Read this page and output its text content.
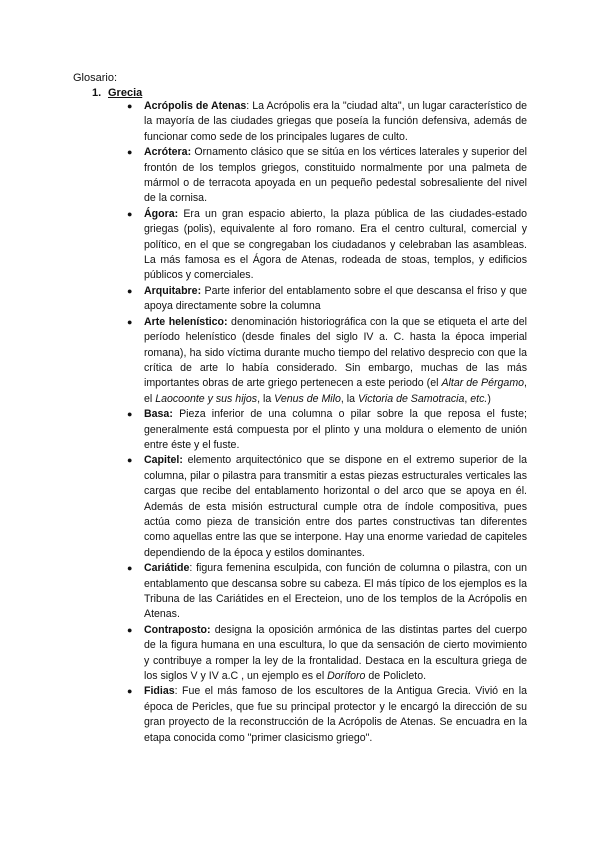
Glosario:
1. Grecia
● Acrópolis de Atenas: La Acrópolis era la "ciudad alta", un lugar característico de la mayoría de las ciudades griegas que poseía la función defensiva, además de funcionar como sede de los principales lugares de culto.
● Acrótera: Ornamento clásico que se sitúa en los vértices laterales y superior del frontón de los templos griegos, constituido normalmente por una palmeta de mármol o de terracota apoyada en un pequeño pedestal sobresaliente del nivel de la cornisa.
● Ágora: Era un gran espacio abierto, la plaza pública de las ciudades-estado griegas (polis), equivalente al foro romano. Era el centro cultural, comercial y político, en el que se congregaban los ciudadanos y celebraban las asambleas. La más famosa es el Ágora de Atenas, rodeada de stoas, templos, y edificios públicos y comerciales.
● Arquitabre: Parte inferior del entablamento sobre el que descansa el friso y que apoya directamente sobre la columna
● Arte helenístico: denominación historiográfica con la que se etiqueta el arte del período helenístico (desde finales del siglo IV a. C. hasta la época imperial romana), ha sido víctima durante mucho tiempo del relativo desprecio con que la crítica de arte lo había considerado. Sin embargo, muchas de las más importantes obras de arte griego pertenecen a este periodo (el Altar de Pérgamo, el Laocoonte y sus hijos, la Venus de Milo, la Victoria de Samotracia, etc.)
● Basa: Pieza inferior de una columna o pilar sobre la que reposa el fuste; generalmente está compuesta por el plinto y una moldura o elemento de unión entre éste y el fuste.
● Capitel: elemento arquitectónico que se dispone en el extremo superior de la columna, pilar o pilastra para transmitir a estas piezas estructurales verticales las cargas que recibe del entablamento horizontal o del arco que se apoya en él. Además de esta misión estructural cumple otra de índole compositiva, pues actúa como pieza de transición entre dos partes constructivas tan diferentes como aquellas entre las que se interpone. Hay una enorme variedad de capiteles dependiendo de la época y estilos dominantes.
● Cariátide: figura femenina esculpida, con función de columna o pilastra, con un entablamento que descansa sobre su cabeza. El más típico de los ejemplos es la Tribuna de las Cariátides en el Erecteion, uno de los templos de la Acrópolis en Atenas.
● Contraposto: designa la oposición armónica de las distintas partes del cuerpo de la figura humana en una escultura, lo que da sensación de cierto movimiento y contribuye a romper la ley de la frontalidad. Destaca en la escultura griega de los siglos V y IV a.C , un ejemplo es el Doríforo de Policleto.
● Fidias: Fue el más famoso de los escultores de la Antigua Grecia. Vivió en la época de Pericles, que fue su principal protector y le encargó la dirección de su gran proyecto de la reconstrucción de la Acrópolis de Atenas. Se encuadra en la etapa conocida como "primer clasicismo griego".
